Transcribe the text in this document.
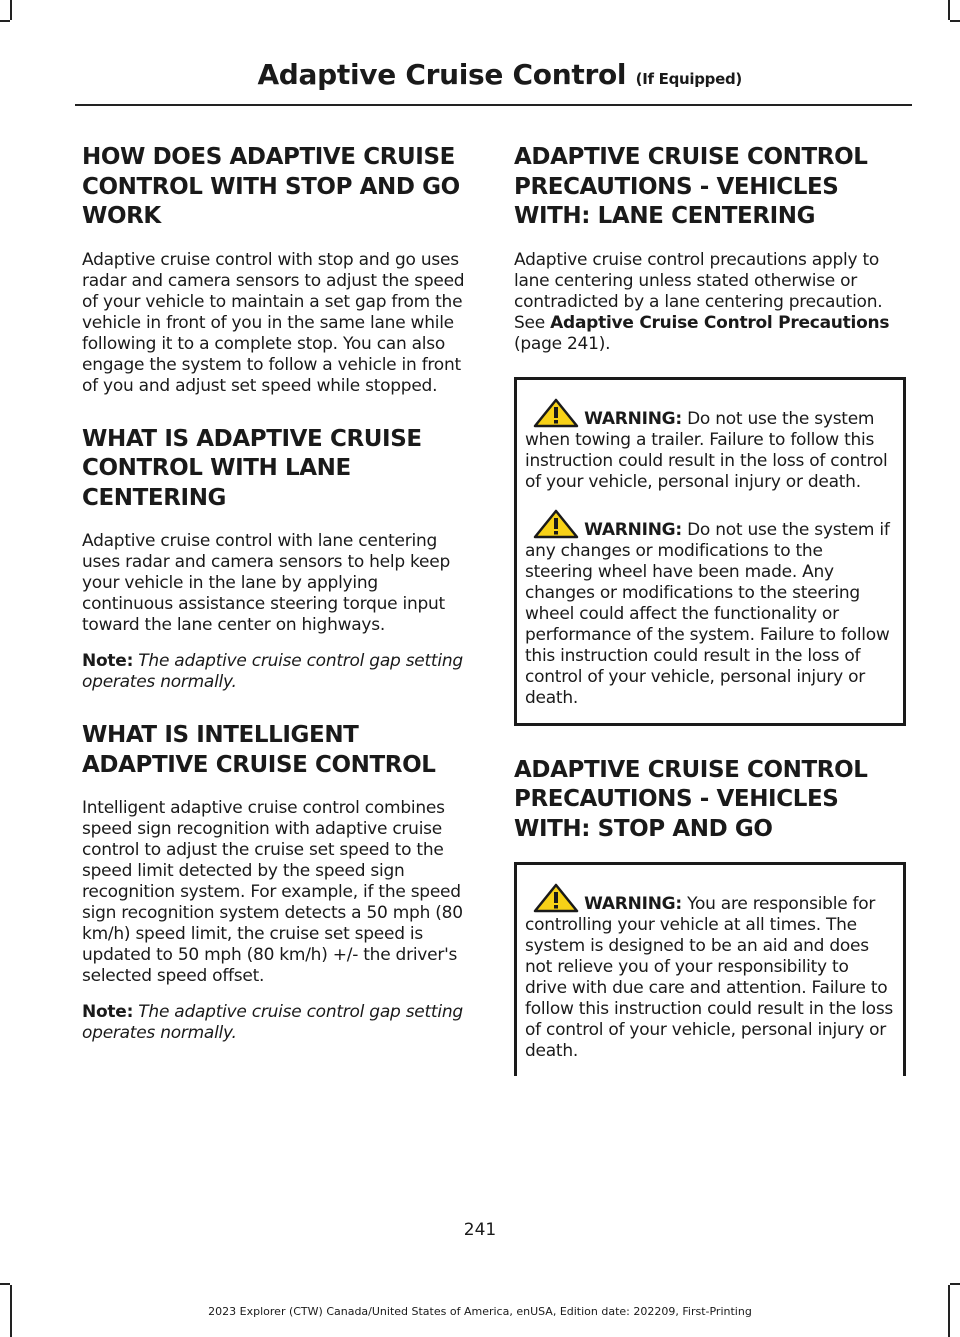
Adaptive Cruise Control (If Equipped)
HOW DOES ADAPTIVE CRUISE CONTROL WITH STOP AND GO WORK

Adaptive cruise control with stop and go uses radar and camera sensors to adjust the speed of your vehicle to maintain a set gap from the vehicle in front of you in the same lane while following it to a complete stop. You can also engage the system to follow a vehicle in front of you and adjust set speed while stopped.

WHAT IS ADAPTIVE CRUISE CONTROL WITH LANE CENTERING

Adaptive cruise control with lane centering uses radar and camera sensors to help keep your vehicle in the lane by applying continuous assistance steering torque input toward the lane center on highways.

Note: The adaptive cruise control gap setting operates normally.

WHAT IS INTELLIGENT ADAPTIVE CRUISE CONTROL

Intelligent adaptive cruise control combines speed sign recognition with adaptive cruise control to adjust the cruise set speed to the speed limit detected by the speed sign recognition system. For example, if the speed sign recognition system detects a 50 mph (80 km/h) speed limit, the cruise set speed is updated to 50 mph (80 km/h) +/- the driver's selected speed offset.

Note: The adaptive cruise control gap setting operates normally.

ADAPTIVE CRUISE CONTROL PRECAUTIONS - VEHICLES WITH: LANE CENTERING

Adaptive cruise control precautions apply to lane centering unless stated otherwise or contradicted by a lane centering precaution. See Adaptive Cruise Control Precautions (page 241).

WARNING: Do not use the system when towing a trailer. Failure to follow this instruction could result in the loss of control of your vehicle, personal injury or death.

WARNING: Do not use the system if any changes or modifications to the steering wheel have been made. Any changes or modifications to the steering wheel could affect the functionality or performance of the system. Failure to follow this instruction could result in the loss of control of your vehicle, personal injury or death.

ADAPTIVE CRUISE CONTROL PRECAUTIONS - VEHICLES WITH: STOP AND GO

WARNING: You are responsible for controlling your vehicle at all times. The system is designed to be an aid and does not relieve you of your responsibility to drive with due care and attention. Failure to follow this instruction could result in the loss of control of your vehicle, personal injury or death.

241
2023 Explorer (CTW) Canada/United States of America, enUSA, Edition date: 202209, First-Printing
